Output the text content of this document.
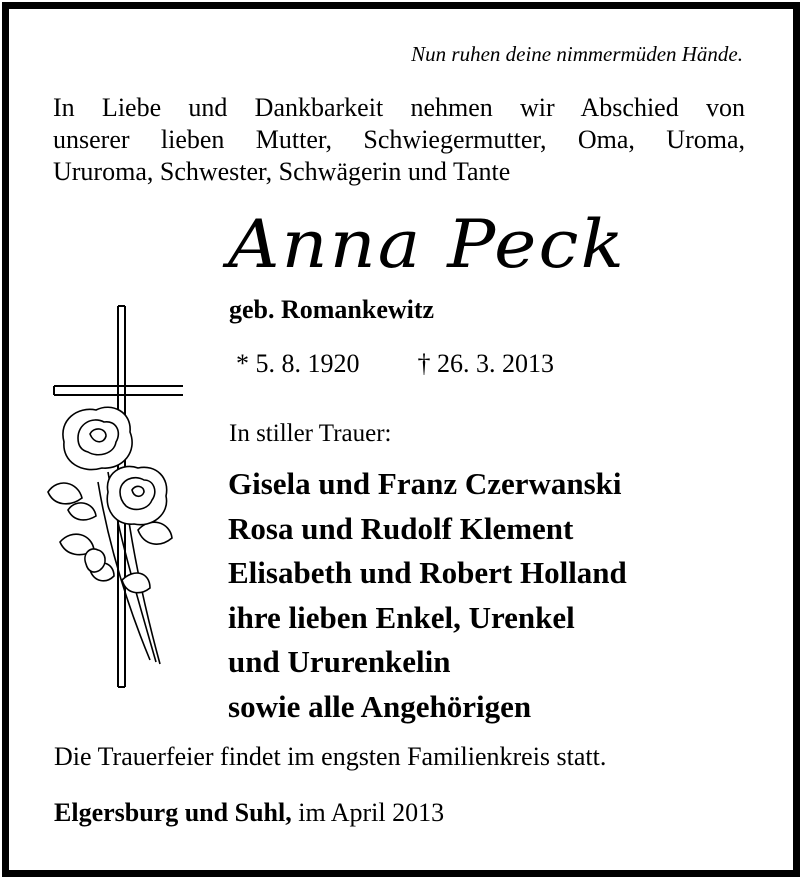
Nun ruhen deine nimmermüden Hände.
In Liebe und Dankbarkeit nehmen wir Abschied von
unserer lieben Mutter, Schwiegermutter, Oma, Uroma,
Ururoma, Schwester, Schwägerin und Tante
Anna Peck
geb. Romankewitz
* 5. 8. 1920 † 26. 3. 2013
In stiller Trauer:
Gisela und Franz Czerwanski
Rosa und Rudolf Klement
Elisabeth und Robert Holland
ihre lieben Enkel, Urenkel
und Ururenkelin
sowie alle Angehörigen
Die Trauerfeier findet im engsten Familienkreis statt.
Elgersburg und Suhl, im April 2013
